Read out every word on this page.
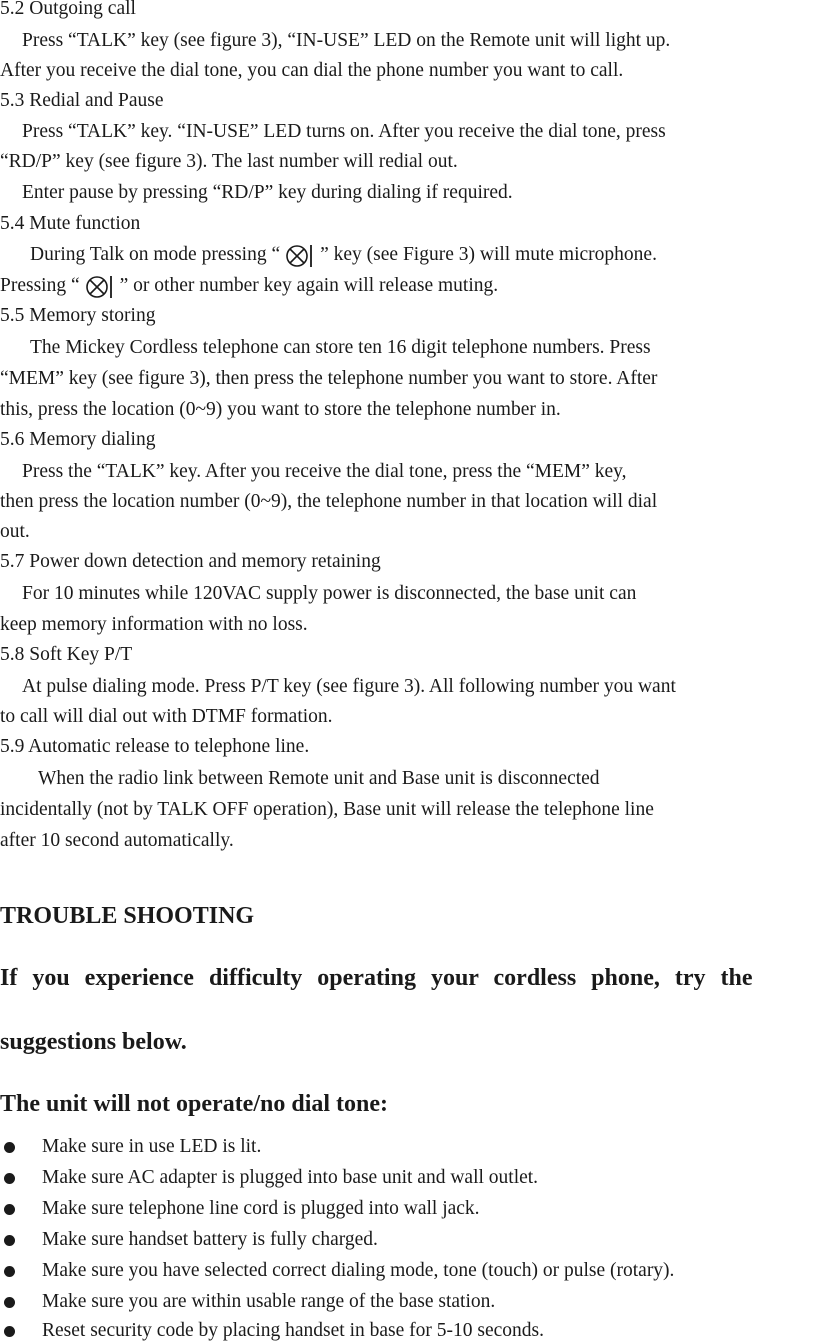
5.2 Outgoing call
Press “TALK” key (see figure 3), “IN-USE” LED on the Remote unit will light up.
After you receive the dial tone, you can dial the phone number you want to call.
5.3 Redial and Pause
Press “TALK” key. “IN-USE” LED turns on. After you receive the dial tone, press
“RD/P” key (see figure 3). The last number will redial out.
Enter pause by pressing “RD/P” key during dialing if required.
5.4 Mute function
During Talk on mode pressing “ ” key (see Figure 3) will mute microphone.
Pressing “ ” or other number key again will release muting.
5.5 Memory storing
The Mickey Cordless telephone can store ten 16 digit telephone numbers. Press
“MEM” key (see figure 3), then press the telephone number you want to store. After
this, press the location (0~9) you want to store the telephone number in.
5.6 Memory dialing
Press the “TALK” key. After you receive the dial tone, press the “MEM” key,
then press the location number (0~9), the telephone number in that location will dial
out.
5.7 Power down detection and memory retaining
For 10 minutes while 120VAC supply power is disconnected, the base unit can
keep memory information with no loss.
5.8 Soft Key P/T
At pulse dialing mode. Press P/T key (see figure 3). All following number you want
to call will dial out with DTMF formation.
5.9 Automatic release to telephone line.
When the radio link between Remote unit and Base unit is disconnected
incidentally (not by TALK OFF operation), Base unit will release the telephone line
after 10 second automatically.
TROUBLE SHOOTING
If you experience difficulty operating your cordless phone, try the
suggestions below.
The unit will not operate/no dial tone:
Make sure in use LED is lit.
Make sure AC adapter is plugged into base unit and wall outlet.
Make sure telephone line cord is plugged into wall jack.
Make sure handset battery is fully charged.
Make sure you have selected correct dialing mode, tone (touch) or pulse (rotary).
Make sure you are within usable range of the base station.
Reset security code by placing handset in base for 5-10 seconds.
